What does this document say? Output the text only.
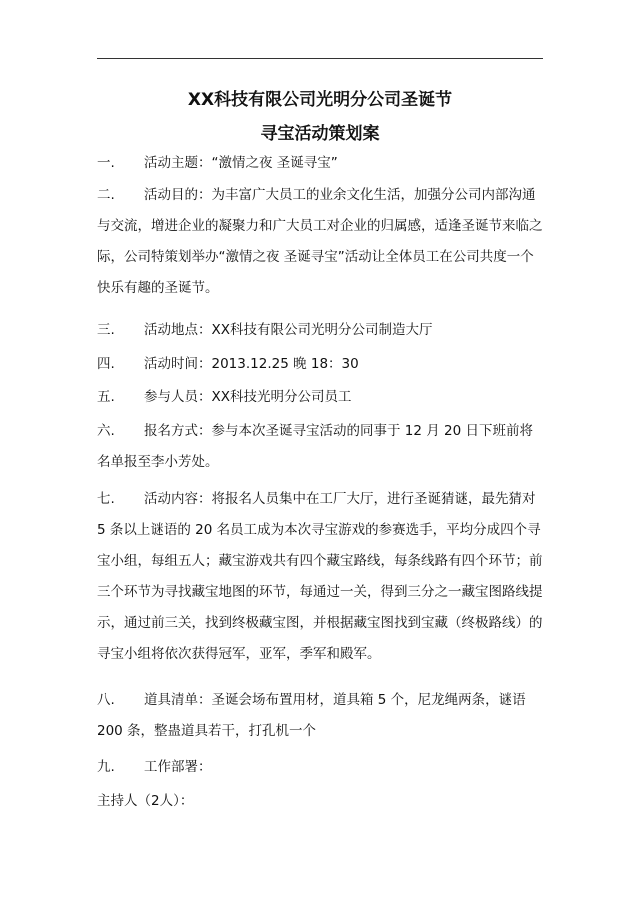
XX科技有限公司光明分公司圣诞节
寻宝活动策划案

一. 活动主题：“激情之夜 圣诞寻宝”

二. 活动目的：为丰富广大员工的业余文化生活，加强分公司内部沟通与交流，增进企业的凝聚力和广大员工对企业的归属感，适逢圣诞节来临之际，公司特策划举办“激情之夜 圣诞寻宝”活动让全体员工在公司共度一个快乐有趣的圣诞节。

三. 活动地点：XX科技有限公司光明分公司制造大厅

四. 活动时间：2013.12.25 晚 18：30

五. 参与人员：XX科技光明分公司员工

六. 报名方式：参与本次圣诞寻宝活动的同事于 12 月 20 日下班前将名单报至李小芳处。

七. 活动内容：将报名人员集中在工厂大厅，进行圣诞猜谜，最先猜对 5 条以上谜语的 20 名员工成为本次寻宝游戏的参赛选手，平均分成四个寻宝小组，每组五人；藏宝游戏共有四个藏宝路线，每条线路有四个环节；前三个环节为寻找藏宝地图的环节，每通过一关，得到三分之一藏宝图路线提示，通过前三关，找到终极藏宝图，并根据藏宝图找到宝藏（终极路线）的寻宝小组将依次获得冠军，亚军，季军和殿军。

八. 道具清单：圣诞会场布置用材，道具箱 5 个，尼龙绳两条，谜语 200 条，整蛊道具若干，打孔机一个

九. 工作部署：

主持人（2人）：
